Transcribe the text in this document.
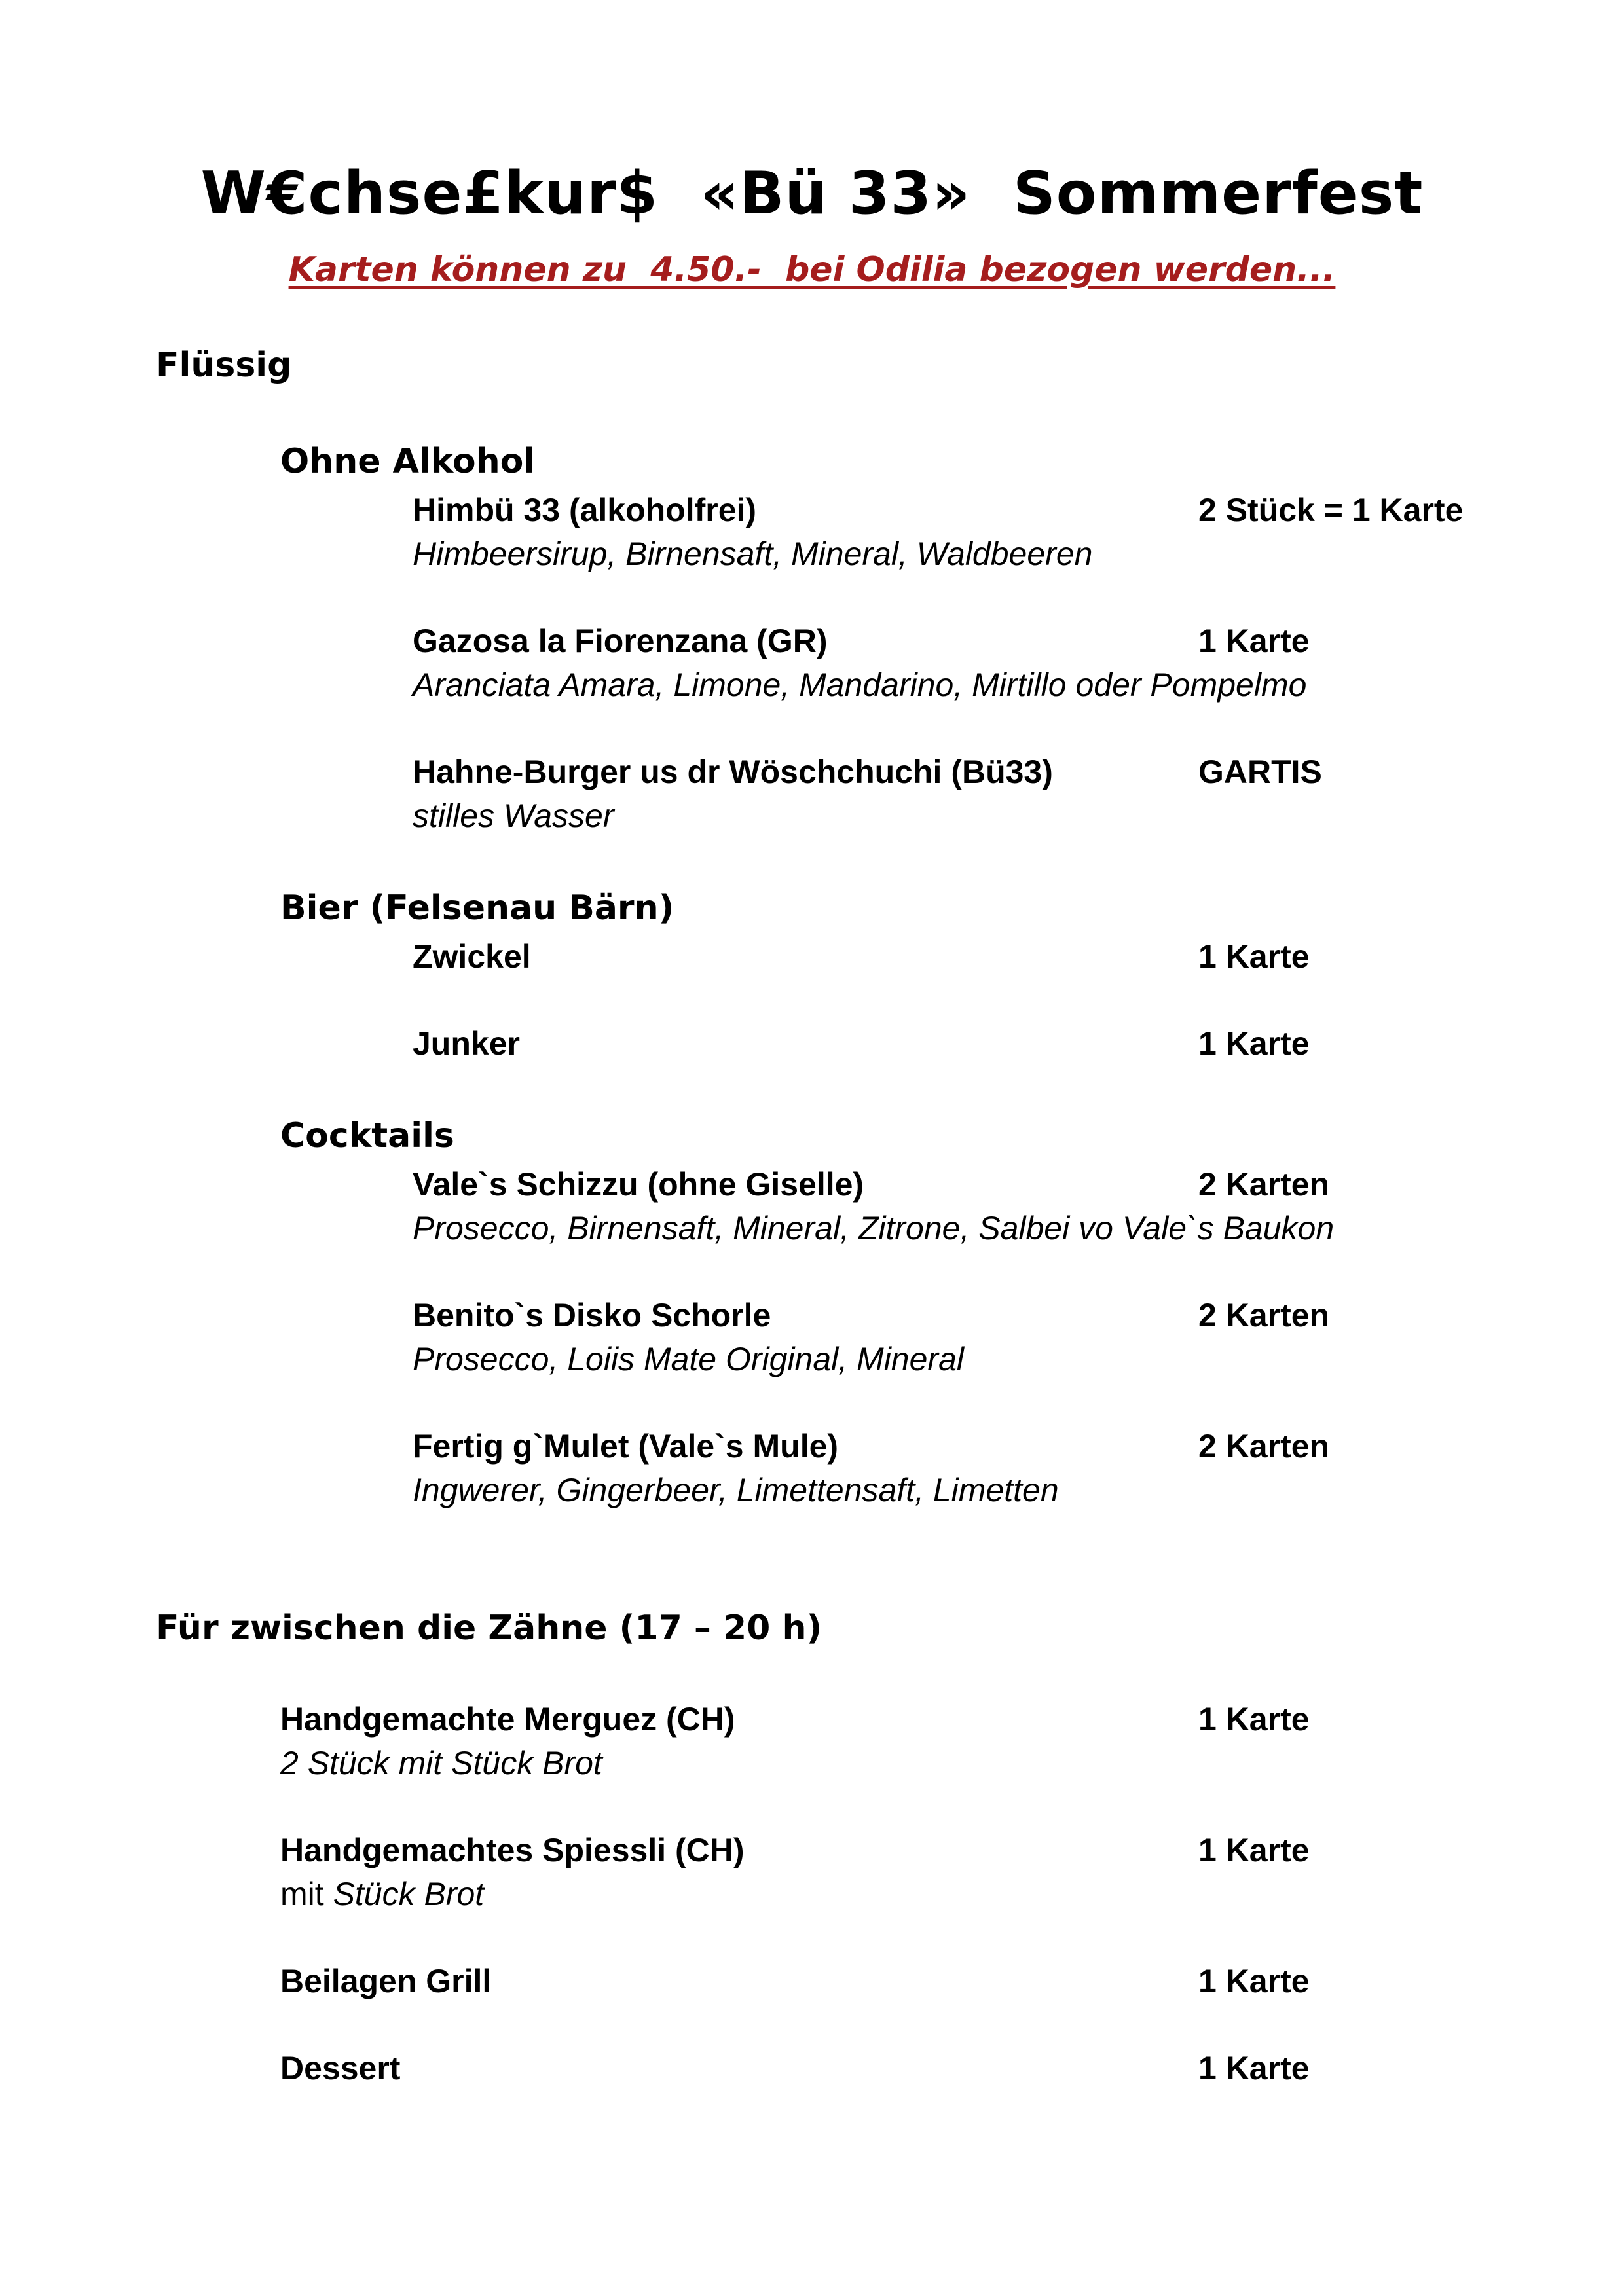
W€chse£kur$  «Bü 33»  Sommerfest
Karten können zu  4.50.-  bei Odilia bezogen werden...
Flüssig
Ohne Alkohol
Himbü 33 (alkoholfrei)	2 Stück = 1 Karte
Himbeersirup, Birnensaft, Mineral, Waldbeeren
Gazosa la Fiorenzana (GR)	1 Karte
Aranciata Amara, Limone, Mandarino, Mirtillo oder Pompelmo
Hahne-Burger us dr Wöschchuchi (Bü33)	GARTIS
stilles Wasser
Bier (Felsenau Bärn)
Zwickel	1 Karte
Junker	1 Karte
Cocktails
Vale`s Schizzu (ohne Giselle)	2 Karten
Prosecco, Birnensaft, Mineral, Zitrone, Salbei vo Vale`s Baukon
Benito`s Disko Schorle	2 Karten
Prosecco, Loiis Mate Original, Mineral
Fertig g`Mulet (Vale`s Mule)	2 Karten
Ingwerer, Gingerbeer, Limettensaft, Limetten
Für zwischen die Zähne (17 – 20 h)
Handgemachte Merguez (CH)	1 Karte
2 Stück mit Stück Brot
Handgemachtes Spiessli (CH)	1 Karte
mit Stück Brot
Beilagen Grill	1 Karte
Dessert	1 Karte
